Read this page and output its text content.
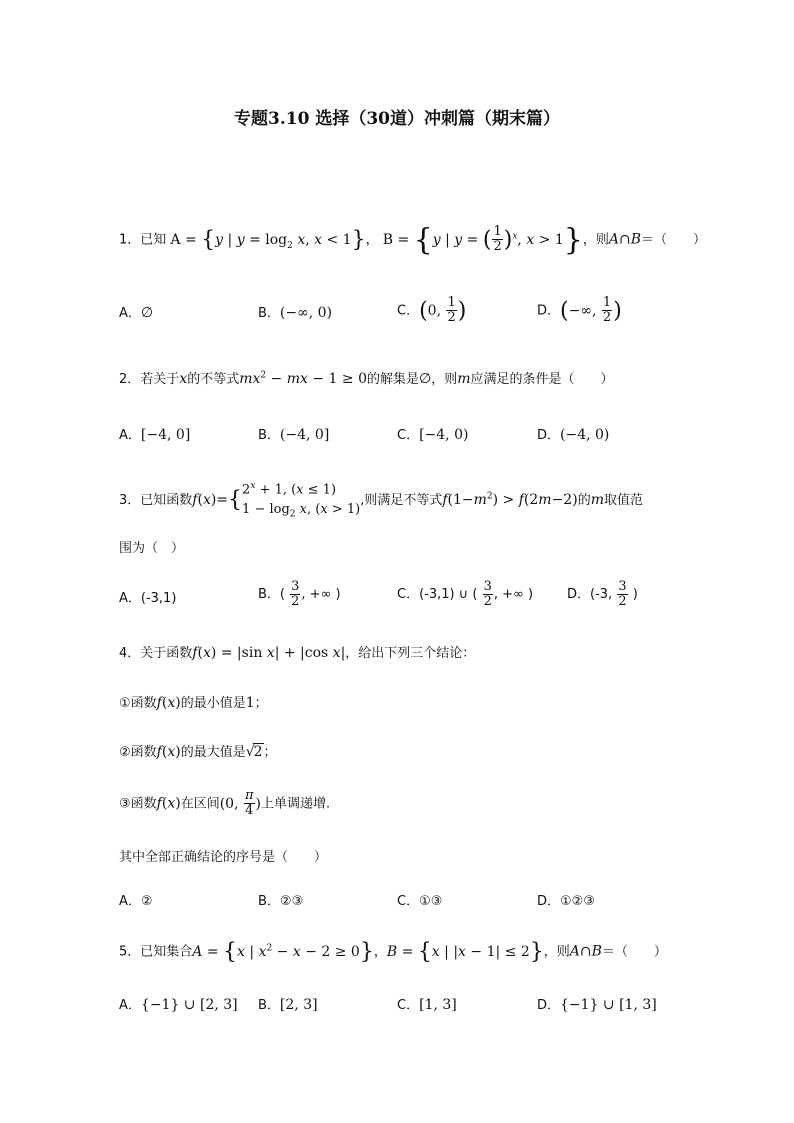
专题3.10 选择（30道）冲刺篇（期末篇）
1．已知 A = {y | $y = \log_2 x$, x < 1}， B = {y | y = ( $\frac{1}{2} )^x$, x > 1}，则A∩B＝（　　）
A．∅	B．(−∞, 0)	C．(0, $\frac{1}{2}$ )	D．(−∞, $\frac{1}{2}$ )
2．若关于x的不等式$mx^2$ − mx − 1 ≥ 0的解集是∅，则m应满足的条件是（　　）
A．[−4, 0]	B．(−4, 0]	C．[−4, 0)	D．(−4, 0)
3．已知函数f(x)={ $2^x + 1$, (x ≤ 1)
$1 - \log_2 x$, (x > 1)
,则满足不等式$f(1-m^2) > f(2m-2)$的m取值范
围为（　）
A．(-3,1)	B．( $\frac{3}{2}$ , +∞ )	C．(-3,1) ∪ ( $\frac{3}{2}$ , +∞ )	D．(-3, $\frac{3}{2}$ )
4．关于函数f(x) = |sin x| + |cos x|，给出下列三个结论：
①函数f(x)的最小值是1；
②函数f(x)的最大值是√2；
③函数f(x)在区间(0, $\frac{\pi}{4}$ )上单调递增.
其中全部正确结论的序号是（　　）
A．②	B．②③	C．①③	D．①②③
5．已知集合A = {x | $x^2 - x - 2 \ge 0$}，B = {x | |x − 1| ≤ 2}，则A∩B＝（　　）
A．{−1} ∪ [2, 3] B．[2, 3]	C．[1, 3]	D．{−1} ∪ [1, 3]
